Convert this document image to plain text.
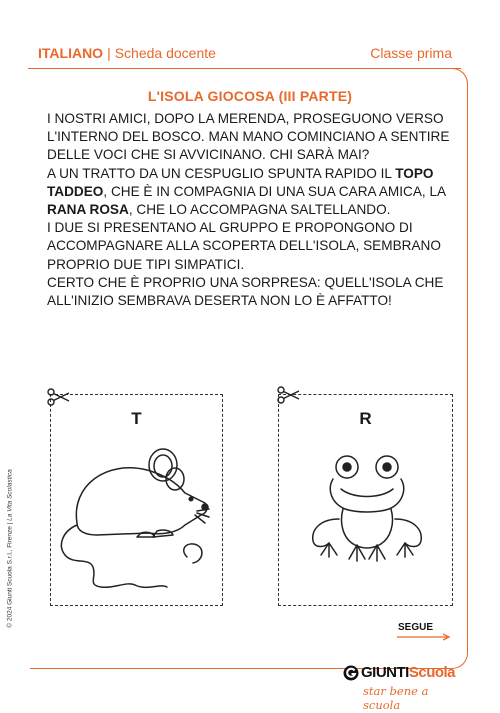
ITALIANO | Scheda docente	Classe prima
L'ISOLA GIOCOSA (III PARTE)

I NOSTRI AMICI, DOPO LA MERENDA, PROSEGUONO VERSO L'INTERNO DEL BOSCO. MAN MANO COMINCIANO A SENTIRE DELLE VOCI CHE SI AVVICINANO. CHI SARÀ MAI?

A UN TRATTO DA UN CESPUGLIO SPUNTA RAPIDO IL TOPO TADDEO, CHE È IN COMPAGNIA DI UNA SUA CARA AMICA, LA RANA ROSA, CHE LO ACCOMPAGNA SALTELLANDO.

I DUE SI PRESENTANO AL GRUPPO E PROPONGONO DI ACCOMPAGNARE ALLA SCOPERTA DELL'ISOLA, SEMBRANO PROPRIO DUE TIPI SIMPATICI.

CERTO CHE È PROPRIO UNA SORPRESA: QUELL'ISOLA CHE ALL'INIZIO SEMBRAVA DESERTA NON LO È AFFATTO!

T	R
SEGUE
© 2024 Giunti Scuola S.r.l., Firenze | La Vita Scolastica
GIUNTIScuola
star bene a scuola
